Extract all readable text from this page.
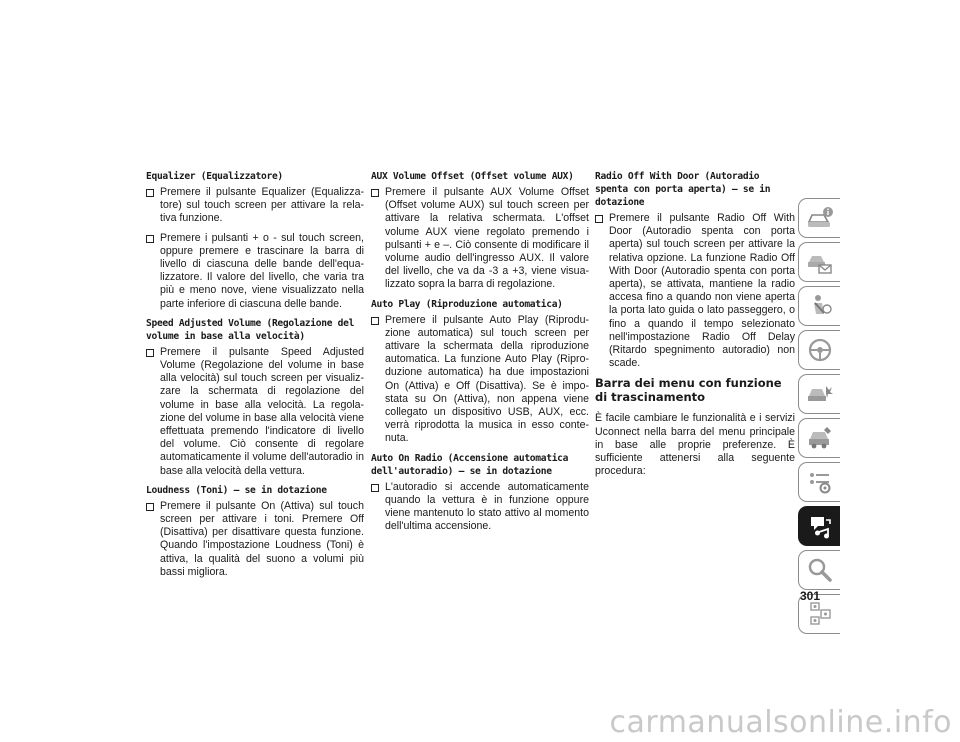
Equalizer (Equalizzatore)
Premere il pulsante Equalizer (Equalizza-tore) sul touch screen per attivare la rela-tiva funzione.
Premere i pulsanti + o - sul touch screen, oppure premere e trascinare la barra di livello di ciascuna delle bande dell'equa-lizzatore. Il valore del livello, che varia tra più e meno nove, viene visualizzato nella parte inferiore di ciascuna delle bande.
Speed Adjusted Volume (Regolazione del volume in base alla velocità)
Premere il pulsante Speed Adjusted Volume (Regolazione del volume in base alla velocità) sul touch screen per visualiz-zare la schermata di regolazione del volume in base alla velocità. La regola-zione del volume in base alla velocità viene effettuata premendo l'indicatore di livello del volume. Ciò consente di regolare automaticamente il volume dell'autoradio in base alla velocità della vettura.
Loudness (Toni) – se in dotazione
Premere il pulsante On (Attiva) sul touch screen per attivare i toni. Premere Off (Disattiva) per disattivare questa funzione. Quando l'impostazione Loudness (Toni) è attiva, la qualità del suono a volumi più bassi migliora.
AUX Volume Offset (Offset volume AUX)
Premere il pulsante AUX Volume Offset (Offset volume AUX) sul touch screen per attivare la relativa schermata. L'offset volume AUX viene regolato premendo i pulsanti + e –. Ciò consente di modificare il volume audio dell'ingresso AUX. Il valore del livello, che va da -3 a +3, viene visua-lizzato sopra la barra di regolazione.
Auto Play (Riproduzione automatica)
Premere il pulsante Auto Play (Riprodu-zione automatica) sul touch screen per attivare la schermata della riproduzione automatica. La funzione Auto Play (Ripro-duzione automatica) ha due impostazioni On (Attiva) e Off (Disattiva). Se è impo-stata su On (Attiva), non appena viene collegato un dispositivo USB, AUX, ecc. verrà riprodotta la musica in esso conte-nuta.
Auto On Radio (Accensione automatica dell'autoradio) – se in dotazione
L'autoradio si accende automaticamente quando la vettura è in funzione oppure viene mantenuto lo stato attivo al momento dell'ultima accensione.
Radio Off With Door (Autoradio spenta con porta aperta) – se in dotazione
Premere il pulsante Radio Off With Door (Autoradio spenta con porta aperta) sul touch screen per attivare la relativa opzione. La funzione Radio Off With Door (Autoradio spenta con porta aperta), se attivata, mantiene la radio accesa fino a quando non viene aperta la porta lato guida o lato passeggero, o fino a quando il tempo selezionato nell'impostazione Radio Off Delay (Ritardo spegnimento autoradio) non scade.
Barra dei menu con funzione di trascinamento

È facile cambiare le funzionalità e i servizi Uconnect nella barra del menu principale in base alle proprie preferenze. È sufficiente attenersi alla seguente procedura:

301
carmanualsonline.info
